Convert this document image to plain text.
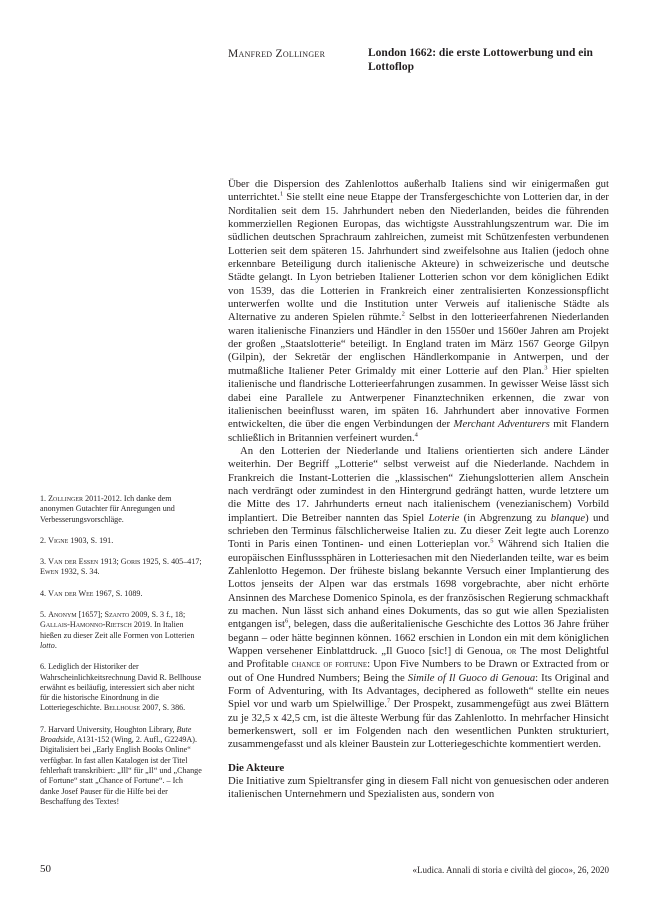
Manfred Zollinger	London 1662: die erste Lottowerbung und ein Lottoflop

Über die Dispersion des Zahlenlottos außerhalb Italiens sind wir einigermaßen gut unterrichtet.$^1$ Sie stellt eine neue Etappe der Transfergeschichte von Lotterien dar, in der Norditalien seit dem 15. Jahrhundert neben den Niederlanden, beides die führenden kommerziellen Regionen Europas, das wichtigste Ausstrahlungszentrum war. Die im südlichen deutschen Sprachraum zahlreichen, zumeist mit Schützenfesten verbundenen Lotterien seit dem späteren 15. Jahrhundert sind zweifelsohne aus Italien (jedoch ohne erkennbare Beteiligung durch italienische Akteure) in schweizerische und deutsche Städte gelangt. In Lyon betrieben Italiener Lotterien schon vor dem königlichen Edikt von 1539, das die Lotterien in Frankreich einer zentralisierten Konzessionspflicht unterwerfen wollte und die Institution unter Verweis auf italienische Städte als Alternative zu anderen Spielen rühmte.$^2$ Selbst in den lotterieerfahrenen Niederlanden waren italienische Finanziers und Händler in den 1550er und 1560er Jahren am Projekt der großen „Staatslotterie“ beteiligt. In England traten im März 1567 George Gilpyn (Gilpin), der Sekretär der englischen Händlerkompanie in Antwerpen, und der mutmaßliche Italiener Peter Grimaldy mit einer Lotterie auf den Plan.$^3$ Hier spielten italienische und flandrische Lotterieerfahrungen zusammen. In gewisser Weise lässt sich dabei eine Parallele zu Antwerpener Finanztechniken erkennen, die zwar von italienischen beeinflusst waren, im späten 16. Jahrhundert aber innovative Formen entwickelten, die über die engen Verbindungen der Merchant Adventurers mit Flandern schließlich in Britannien verfeinert wurden.$^4$

An den Lotterien der Niederlande und Italiens orientierten sich andere Länder weiterhin. Der Begriff „Lotterie“ selbst verweist auf die Niederlande. Nachdem in Frankreich die Instant-Lotterien die „klassischen“ Ziehungslotterien allem Anschein nach verdrängt oder zumindest in den Hintergrund gedrängt hatten, wurde letztere um die Mitte des 17. Jahrhunderts erneut nach italienischem (venezianischem) Vorbild implantiert. Die Betreiber nannten das Spiel Loterie (in Abgrenzung zu blanque) und schrieben den Terminus fälschlicherweise Italien zu. Zu dieser Zeit legte auch Lorenzo Tonti in Paris einen Tontinen- und einen Lotterieplan vor.$^5$ Während sich Italien die europäischen Einflusssphären in Lotteriesachen mit den Niederlanden teilte, war es beim Zahlenlotto Hegemon. Der früheste bislang bekannte Versuch einer Implantierung des Lottos jenseits der Alpen war das erstmals 1698 vorgebrachte, aber nicht erhörte Ansinnen des Marchese Domenico Spinola, es der französischen Regierung schmackhaft zu machen. Nun lässt sich anhand eines Dokuments, das so gut wie allen Spezialisten entgangen ist$^6$, belegen, dass die außeritalienische Geschichte des Lottos 36 Jahre früher begann – oder hätte beginnen können. 1662 erschien in London ein mit dem königlichen Wappen versehener Einblattdruck. „Il Guoco [sic!] di Genoua, or The most Delightful and Profitable chance of fortune: Upon Five Numbers to be Drawn or Extracted from or out of One Hundred Numbers; Being the Simile of Il Guoco di Genoua: Its Original and Form of Adventuring, with Its Advantages, deciphered as followeth“ stellte ein neues Spiel vor und warb um Spielwillige.$^7$ Der Prospekt, zusammengefügt aus zwei Blättern zu je 32,5 x 42,5 cm, ist die älteste Werbung für das Zahlenlotto. In mehrfacher Hinsicht bemerkenswert, soll er im Folgenden nach den wesentlichen Punkten strukturiert, zusammengefasst und als kleiner Baustein zur Lotteriegeschichte kommentiert werden.

Die Akteure

Die Initiative zum Spieltransfer ging in diesem Fall nicht von genuesischen oder anderen italienischen Unternehmern und Spezialisten aus, sondern von

1. Zollinger 2011-2012. Ich danke dem anonymen Gutachter für Anregungen und Verbesserungsvorschläge.
2. Vigne 1903, S. 191.
3. Van der Essen 1913; Goris 1925, S. 405–417; Ewen 1932, S. 34.
4. Van der Wee 1967, S. 1089.
5. Anonym [1657]; Szanto 2009, S. 3 f., 18; Gallais-Hamonno-Rietsch 2019. In Italien hießen zu dieser Zeit alle Formen von Lotterien lotto.
6. Lediglich der Historiker der Wahrscheinlichkeitsrechnung David R. Bellhouse erwähnt es beiläufig, interessiert sich aber nicht für die historische Einordnung in die Lotteriegeschichte. Bellhouse 2007, S. 386.
7. Harvard University, Houghton Library, Bute Broadside, A131-152 (Wing, 2. Aufl., G2249A). Digitalisiert bei „Early English Books Online“ verfügbar. In fast allen Katalogen ist der Titel fehlerhaft transkribiert: „Ill“ für „Il“ und „Change of Fortune“ statt „Chance of Fortune“. – Ich danke Josef Pauser für die Hilfe bei der Beschaffung des Textes!
50	«Ludica. Annali di storia e civiltà del gioco», 26, 2020
